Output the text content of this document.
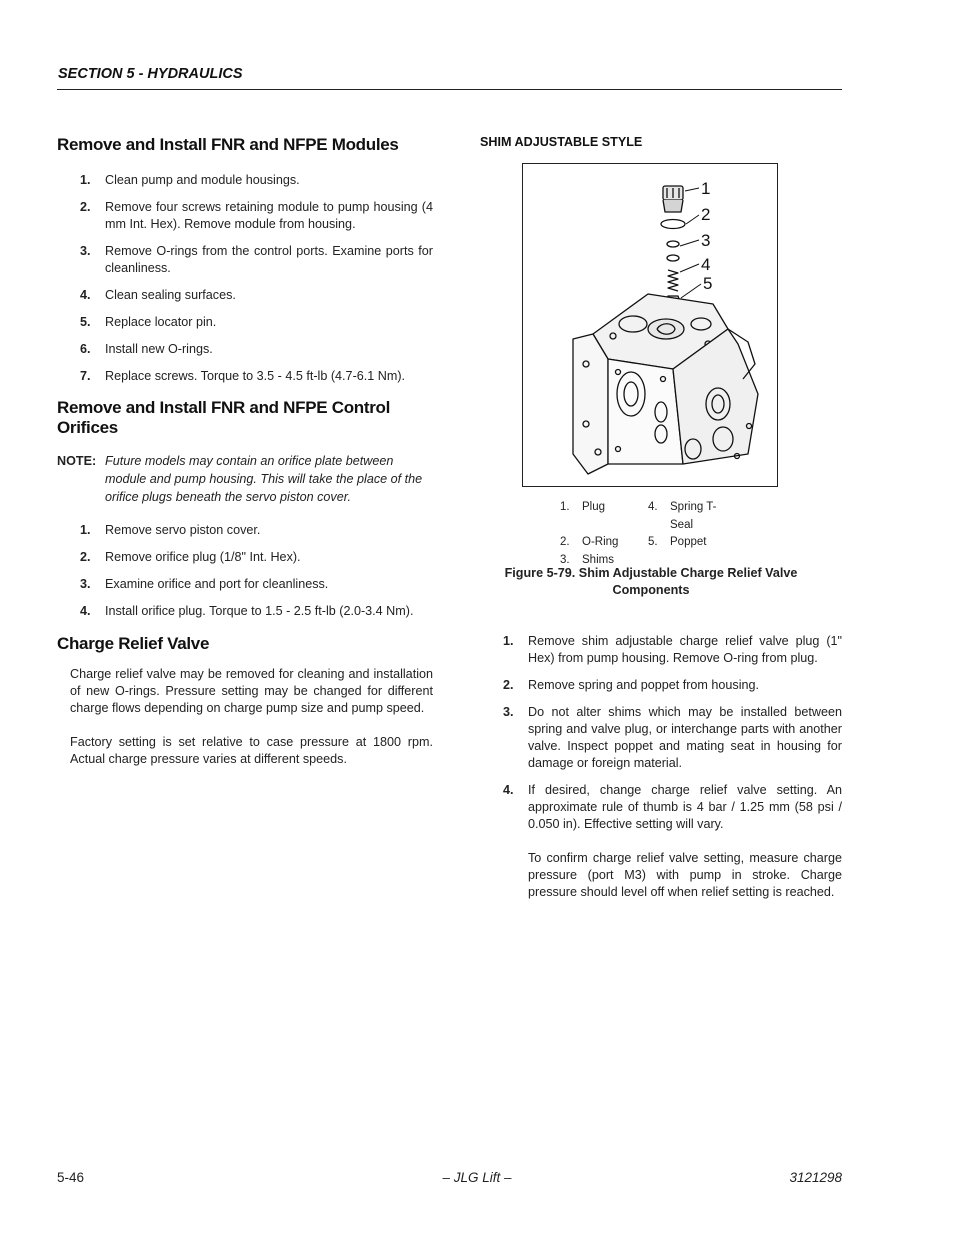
SECTION 5 - HYDRAULICS
Remove and Install FNR and NFPE Modules
1.	Clean pump and module housings.
2.	Remove four screws retaining module to pump housing (4 mm Int. Hex). Remove module from housing.
3.	Remove O-rings from the control ports. Examine ports for cleanliness.
4.	Clean sealing surfaces.
5.	Replace locator pin.
6.	Install new O-rings.
7.	Replace screws. Torque to 3.5 - 4.5 ft-lb (4.7-6.1 Nm).
Remove and Install FNR and NFPE Control Orifices
NOTE: Future models may contain an orifice plate between module and pump housing. This will take the place of the orifice plugs beneath the servo piston cover.
1.	Remove servo piston cover.
2.	Remove orifice plug (1/8" Int. Hex).
3.	Examine orifice and port for cleanliness.
4.	Install orifice plug. Torque to 1.5 - 2.5 ft-lb (2.0-3.4 Nm).
Charge Relief Valve
Charge relief valve may be removed for cleaning and installation of new O-rings. Pressure setting may be changed for different charge flows depending on charge pump size and pump speed.
Factory setting is set relative to case pressure at 1800 rpm. Actual charge pressure varies at different speeds.
SHIM ADJUSTABLE STYLE
1
2
3
4
5
1.	Plug	4.	Spring T-Seal
2.	O-Ring	5.	Poppet
3.	Shims
Figure 5-79. Shim Adjustable Charge Relief Valve
Components
1.	Remove shim adjustable charge relief valve plug (1" Hex) from pump housing. Remove O-ring from plug.
2.	Remove spring and poppet from housing.
3.	Do not alter shims which may be installed between spring and valve plug, or interchange parts with another valve. Inspect poppet and mating seat in housing for damage or foreign material.
4.	If desired, change charge relief valve setting. An approximate rule of thumb is 4 bar / 1.25 mm (58 psi / 0.050 in). Effective setting will vary.
To confirm charge relief valve setting, measure charge pressure (port M3) with pump in stroke. Charge pressure should level off when relief setting is reached.
5-46	– JLG Lift –	3121298
